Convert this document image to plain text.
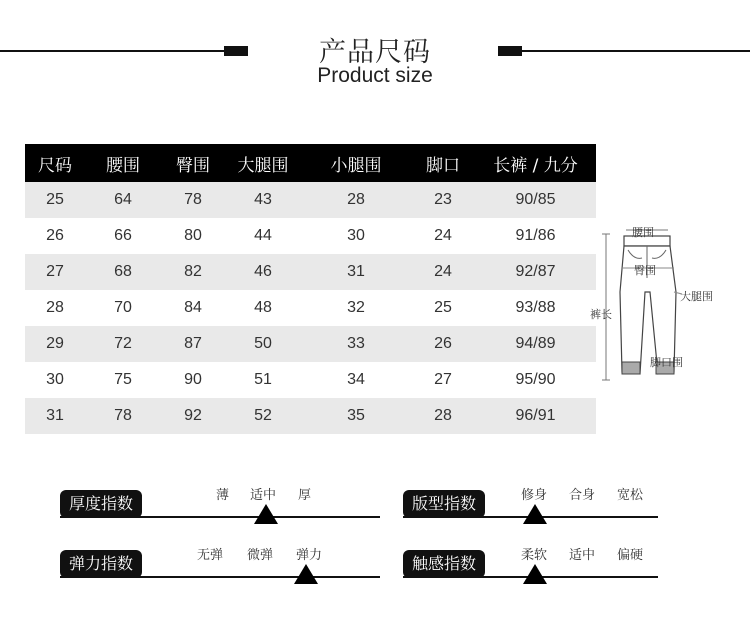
产品尺码
Product size
尺码	腰围	臀围	大腿围	小腿围	脚口	长裤 / 九分
25	64	78	43	28	23	90/85
26	66	80	44	30	24	91/86
27	68	82	46	31	24	92/87
28	70	84	48	32	25	93/88
29	72	87	50	33	26	94/89
30	75	90	51	34	27	95/90
31	78	92	52	35	28	96/91
腰围
臀围
大腿围
裤长
脚口围
厚度指数	薄 适中 厚	版型指数	修身 合身 宽松
弹力指数	无弹 微弹 弹力	触感指数	柔软 适中 偏硬
